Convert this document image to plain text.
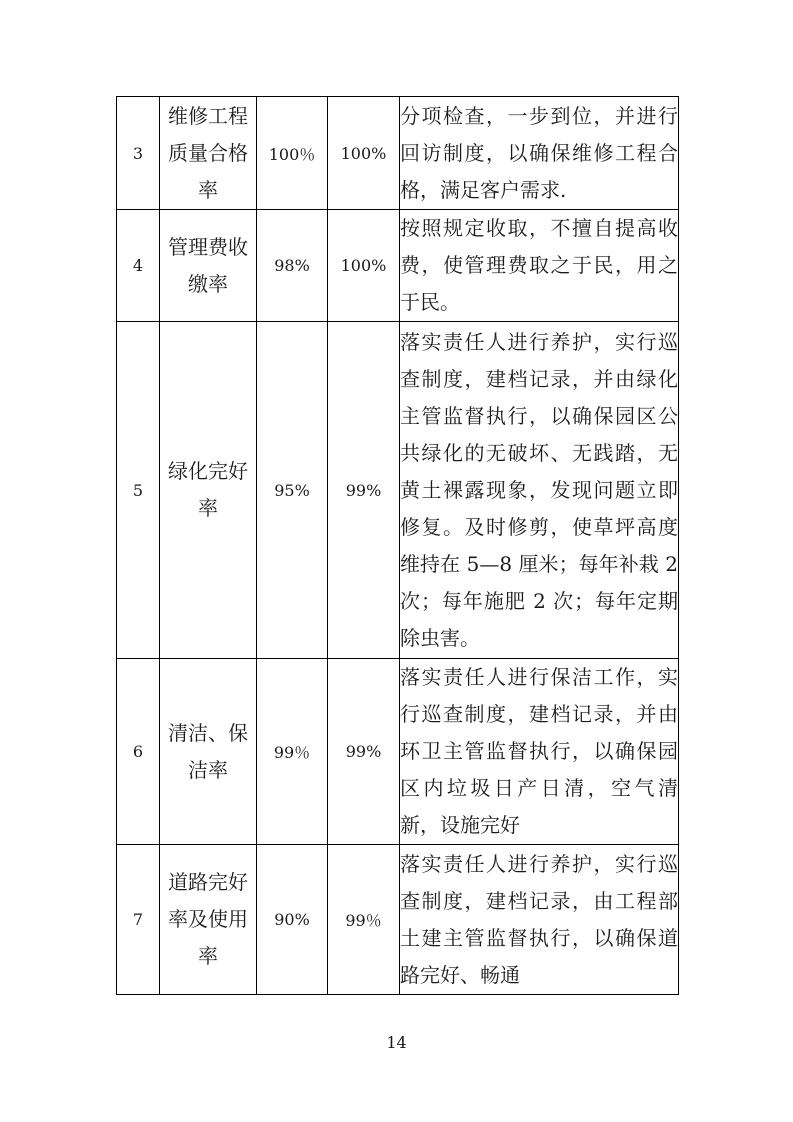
3	维修工程质量合格率	100％	100%	分项检查，一步到位，并进行回访制度，以确保维修工程合格，满足客户需求.
4	管理费收缴率	98%	100%	按照规定收取，不擅自提高收费，使管理费取之于民，用之于民。
5	绿化完好率	95%	99%	落实责任人进行养护，实行巡查制度，建档记录，并由绿化主管监督执行，以确保园区公共绿化的无破坏、无践踏，无黄土裸露现象，发现问题立即修复。及时修剪，使草坪高度维持在 5—8 厘米；每年补栽 2 次；每年施肥 2 次；每年定期除虫害。
6	清洁、保洁率	99％	99%	落实责任人进行保洁工作，实行巡查制度，建档记录，并由环卫主管监督执行，以确保园区内垃圾日产日清，空气清新，设施完好
7	道路完好率及使用率	90%	99％	落实责任人进行养护，实行巡查制度，建档记录，由工程部土建主管监督执行，以确保道路完好、畅通
14
